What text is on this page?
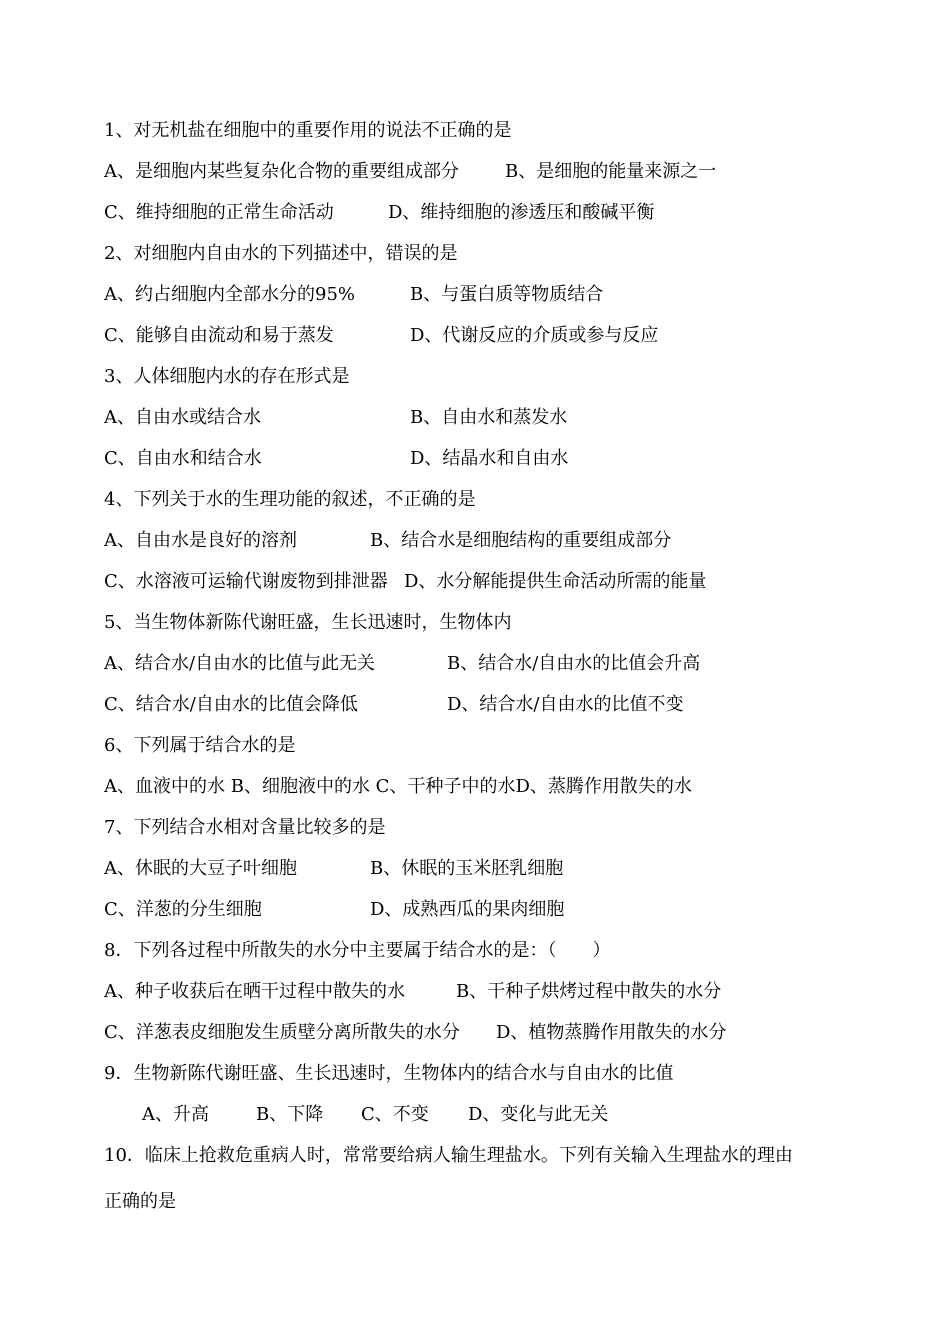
1、对无机盐在细胞中的重要作用的说法不正确的是
A、是细胞内某些复杂化合物的重要组成部分	B、是细胞的能量来源之一
C、维持细胞的正常生命活动	D、维持细胞的渗透压和酸碱平衡
2、对细胞内自由水的下列描述中，错误的是
A、约占细胞内全部水分的95%	B、与蛋白质等物质结合
C、能够自由流动和易于蒸发	D、代谢反应的介质或参与反应
3、人体细胞内水的存在形式是
A、自由水或结合水	B、自由水和蒸发水
C、自由水和结合水	D、结晶水和自由水
4、下列关于水的生理功能的叙述，不正确的是
A、自由水是良好的溶剂	B、结合水是细胞结构的重要组成部分
C、水溶液可运输代谢废物到排泄器 D、水分解能提供生命活动所需的能量
5、当生物体新陈代谢旺盛，生长迅速时，生物体内
A、结合水/自由水的比值与此无关	B、结合水/自由水的比值会升高
C、结合水/自由水的比值会降低	D、结合水/自由水的比值不变
6、下列属于结合水的是
A、血液中的水 B、细胞液中的水 C、干种子中的水D、蒸腾作用散失的水
7、下列结合水相对含量比较多的是
A、休眠的大豆子叶细胞	B、休眠的玉米胚乳细胞
C、洋葱的分生细胞	D、成熟西瓜的果肉细胞
8．下列各过程中所散失的水分中主要属于结合水的是：（　　）
A、种子收获后在晒干过程中散失的水	B、干种子烘烤过程中散失的水分
C、洋葱表皮细胞发生质壁分离所散失的水分 D、植物蒸腾作用散失的水分
9．生物新陈代谢旺盛、生长迅速时，生物体内的结合水与自由水的比值
A、升高	B、下降 C、不变 D、变化与此无关
10．临床上抢救危重病人时，常常要给病人输生理盐水。下列有关输入生理盐水的理由
正确的是
